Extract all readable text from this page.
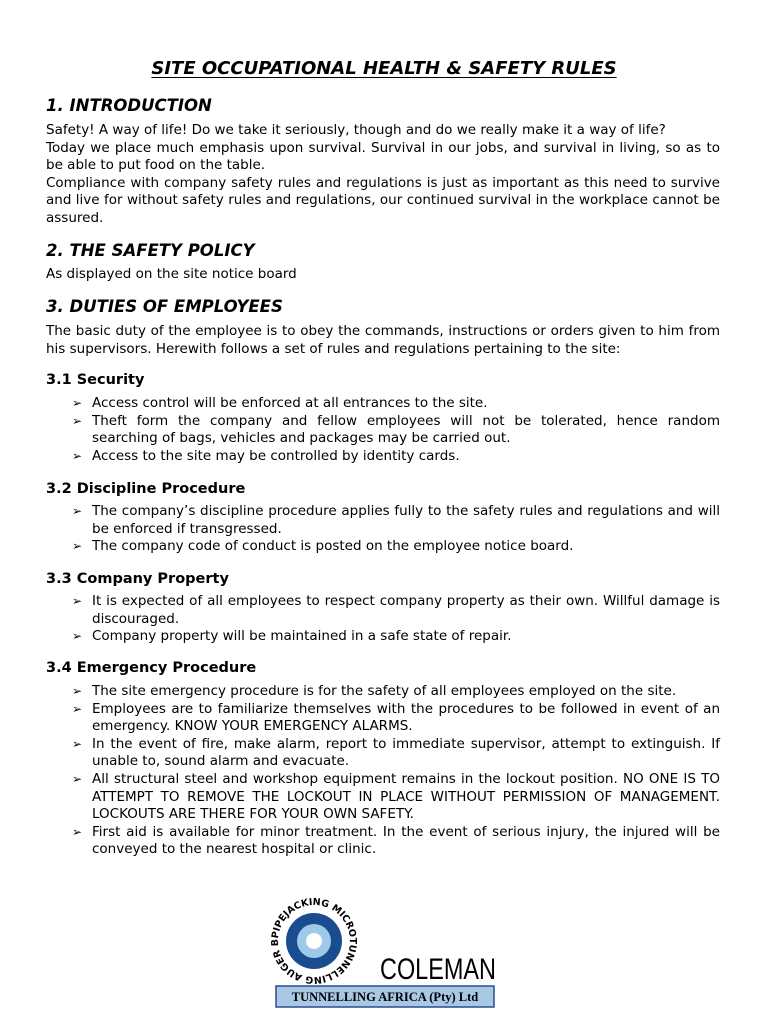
SITE OCCUPATIONAL HEALTH & SAFETY RULES
1. INTRODUCTION

Safety! A way of life! Do we take it seriously, though and do we really make it a way of life?

Today we place much emphasis upon survival. Survival in our jobs, and survival in living, so as to be able to put food on the table.

Compliance with company safety rules and regulations is just as important as this need to survive and live for without safety rules and regulations, our continued survival in the workplace cannot be assured.

2. THE SAFETY POLICY
As displayed on the site notice board
3. DUTIES OF EMPLOYEES
The basic duty of the employee is to obey the commands, instructions or orders given to him from his supervisors. Herewith follows a set of rules and regulations pertaining to the site:
3.1 Security
➢ Access control will be enforced at all entrances to the site.
➢ Theft form the company and fellow employees will not be tolerated, hence random searching of bags, vehicles and packages may be carried out.
➢ Access to the site may be controlled by identity cards.
3.2 Discipline Procedure
➢ The company’s discipline procedure applies fully to the safety rules and regulations and will be enforced if transgressed.
➢ The company code of conduct is posted on the employee notice board.
3.3 Company Property
➢ It is expected of all employees to respect company property as their own. Willful damage is discouraged.
➢ Company property will be maintained in a safe state of repair.
3.4 Emergency Procedure
➢ The site emergency procedure is for the safety of all employees employed on the site.
➢ Employees are to familiarize themselves with the procedures to be followed in event of an emergency. KNOW YOUR EMERGENCY ALARMS.
➢ In the event of fire, make alarm, report to immediate supervisor, attempt to extinguish. If unable to, sound alarm and evacuate.
➢ All structural steel and workshop equipment remains in the lockout position. NO ONE IS TO ATTEMPT TO REMOVE THE LOCKOUT IN PLACE WITHOUT PERMISSION OF MANAGEMENT. LOCKOUTS ARE THERE FOR YOUR OWN SAFETY.
➢ First aid is available for minor treatment. In the event of serious injury, the injured will be conveyed to the nearest hospital or clinic.
PIPEJACKING MICROTUNNELLING AUGER B
COLEMAN
TUNNELLING AFRICA (Pty) Ltd
